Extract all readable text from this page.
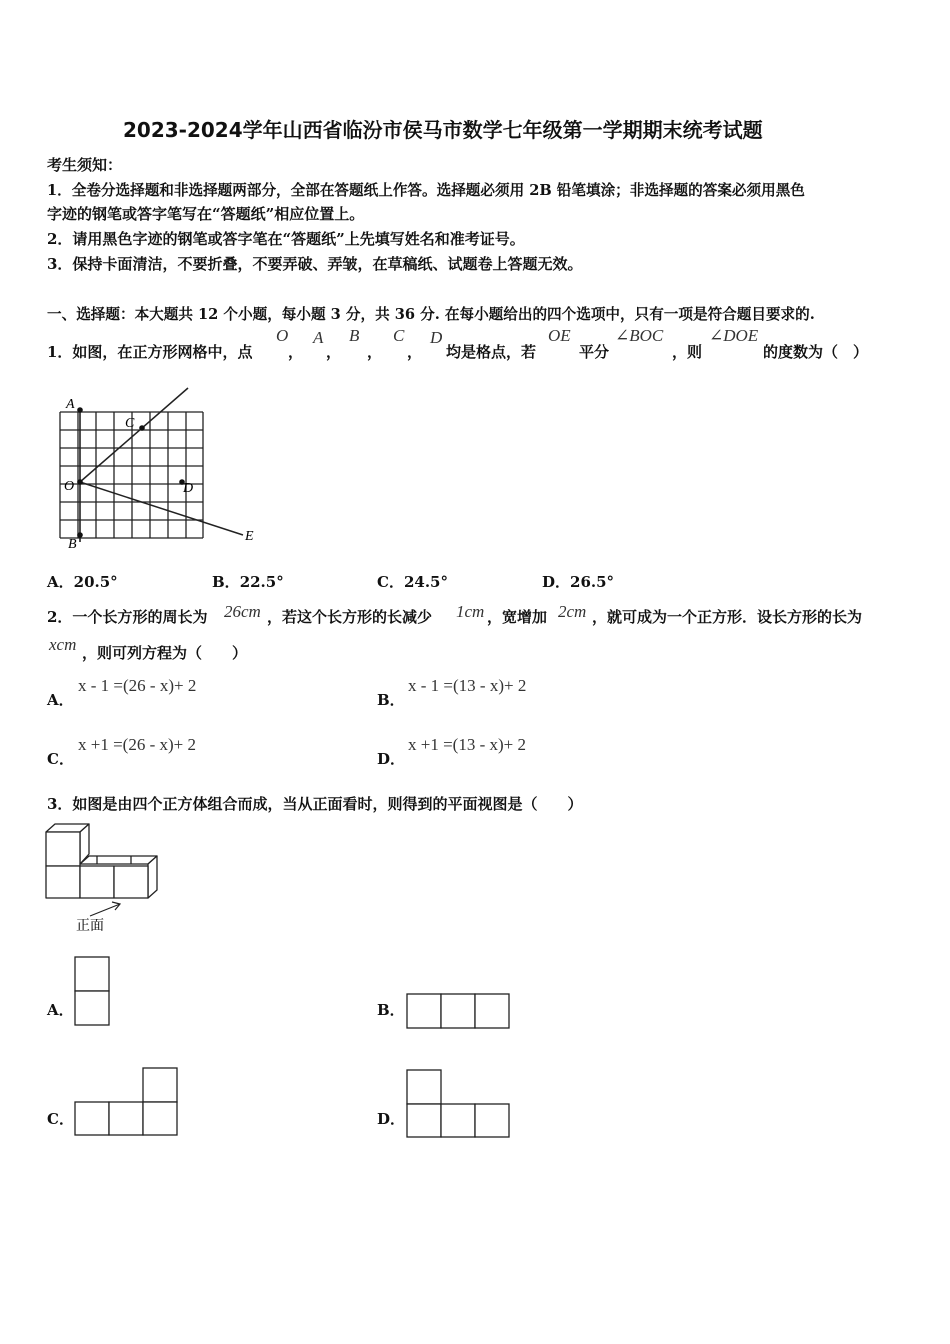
2023-2024学年山西省临汾市侯马市数学七年级第一学期期末统考试题
考生须知：
1．全卷分选择题和非选择题两部分，全部在答题纸上作答。选择题必须用 2B 铅笔填涂；非选择题的答案必须用黑色
字迹的钢笔或答字笔写在“答题纸”相应位置上。
2．请用黑色字迹的钢笔或答字笔在“答题纸”上先填写姓名和准考证号。
3．保持卡面清洁，不要折叠，不要弄破、弄皱，在草稿纸、试题卷上答题无效。
一、选择题：本大题共 12 个小题，每小题 3 分，共 36 分. 在每小题给出的四个选项中，只有一项是符合题目要求的.
1．如图，在正方形网格中，点
O
，
A
，
B
，
C
，
D
均是格点，若
OE
平分
∠BOC
，则
∠DOE
的度数为（　）
A
C
O	D
B
E
A．20.5°	B．22.5°	C．24.5°	D．26.5°
2．一个长方形的周长为 26cm ，若这个长方形的长减少 1cm ，宽增加 2cm ，就可成为一个正方形．设长方形的长为
xcm ，则可列方程为（　　）
A．
x - 1 =(26 - x)+ 2
B．
x - 1 =(13 - x)+ 2
C．
x +1 =(26 - x)+ 2
D．
x +1 =(13 - x)+ 2
3．如图是由四个正方体组合而成，当从正面看时，则得到的平面视图是（　　）
正面
A．	B．
C．	D．
